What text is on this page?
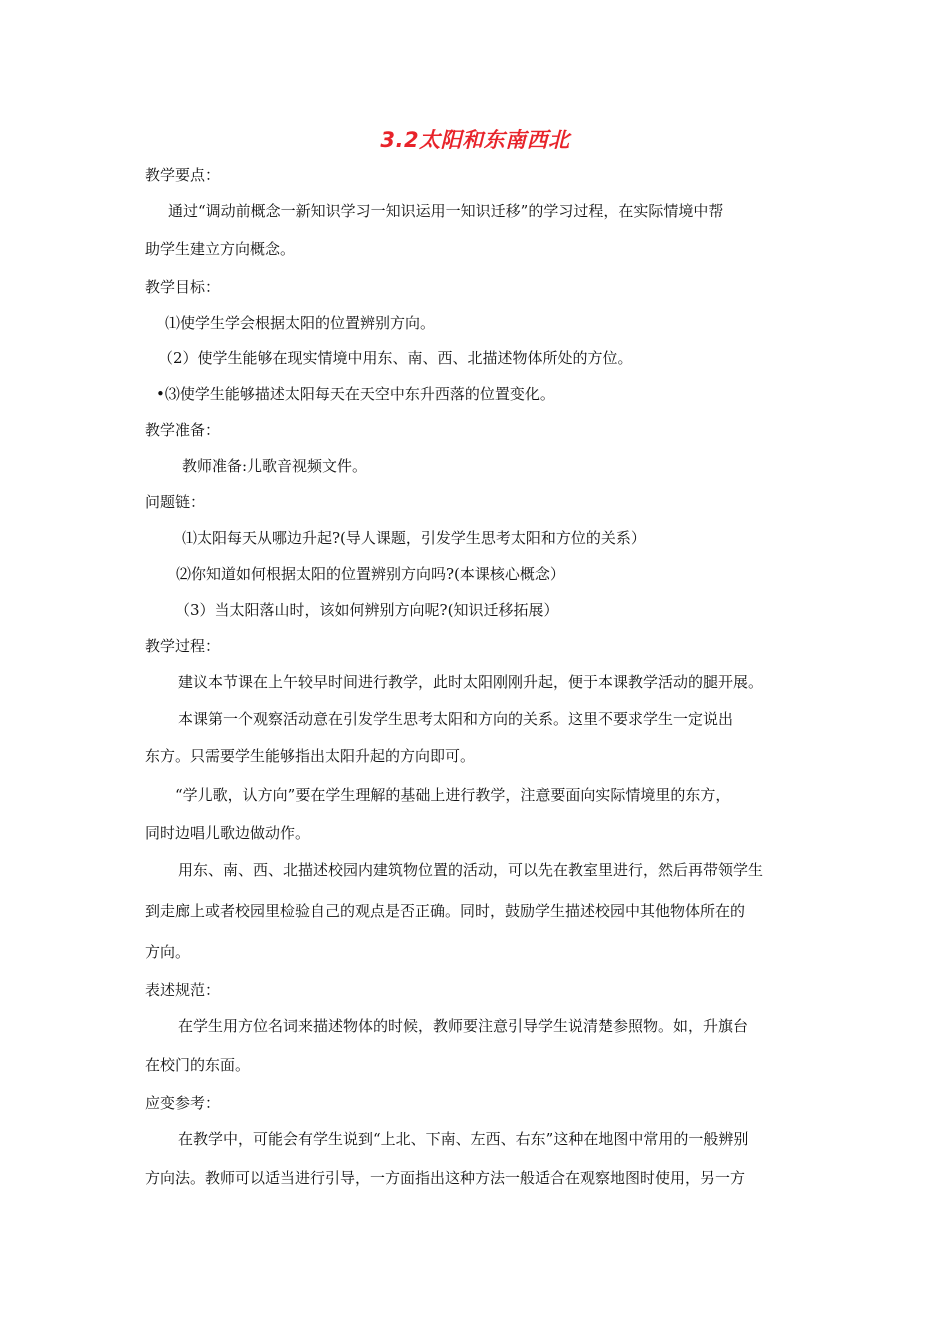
3.2太阳和东南西北
教学要点：
通过“调动前概念一新知识学习一知识运用一知识迁移”的学习过程，在实际情境中帮
助学生建立方向概念。
教学目标：
⑴使学生学会根据太阳的位置辨别方向。
（2）使学生能够在现实情境中用东、南、西、北描述物体所处的方位。
•⑶使学生能够描述太阳每天在天空中东升西落的位置变化。
教学准备：
教师准备:儿歌音视频文件。
问题链：
⑴太阳每天从哪边升起?(导人课题，引发学生思考太阳和方位的关系）
⑵你知道如何根据太阳的位置辨别方向吗?(本课核心概念）
（3）当太阳落山时，该如何辨别方向呢?(知识迁移拓展）
教学过程：
建议本节课在上午较早时间进行教学，此时太阳刚刚升起，便于本课教学活动的腿开展。
本课第一个观察活动意在引发学生思考太阳和方向的关系。这里不要求学生一定说出
东方。只需要学生能够指出太阳升起的方向即可。
“学儿歌，认方向”要在学生理解的基础上进行教学，注意要面向实际情境里的东方，
同时边唱儿歌边做动作。
用东、南、西、北描述校园内建筑物位置的活动，可以先在教室里进行，然后再带领学生
到走廊上或者校园里检验自己的观点是否正确。同时，鼓励学生描述校园中其他物体所在的
方向。
表述规范：
在学生用方位名词来描述物体的时候，教师要注意引导学生说清楚参照物。如，升旗台
在校门的东面。
应变参考：
在教学中，可能会有学生说到“上北、下南、左西、右东”这种在地图中常用的一般辨别
方向法。教师可以适当进行引导，一方面指出这种方法一般适合在观察地图时使用，另一方
